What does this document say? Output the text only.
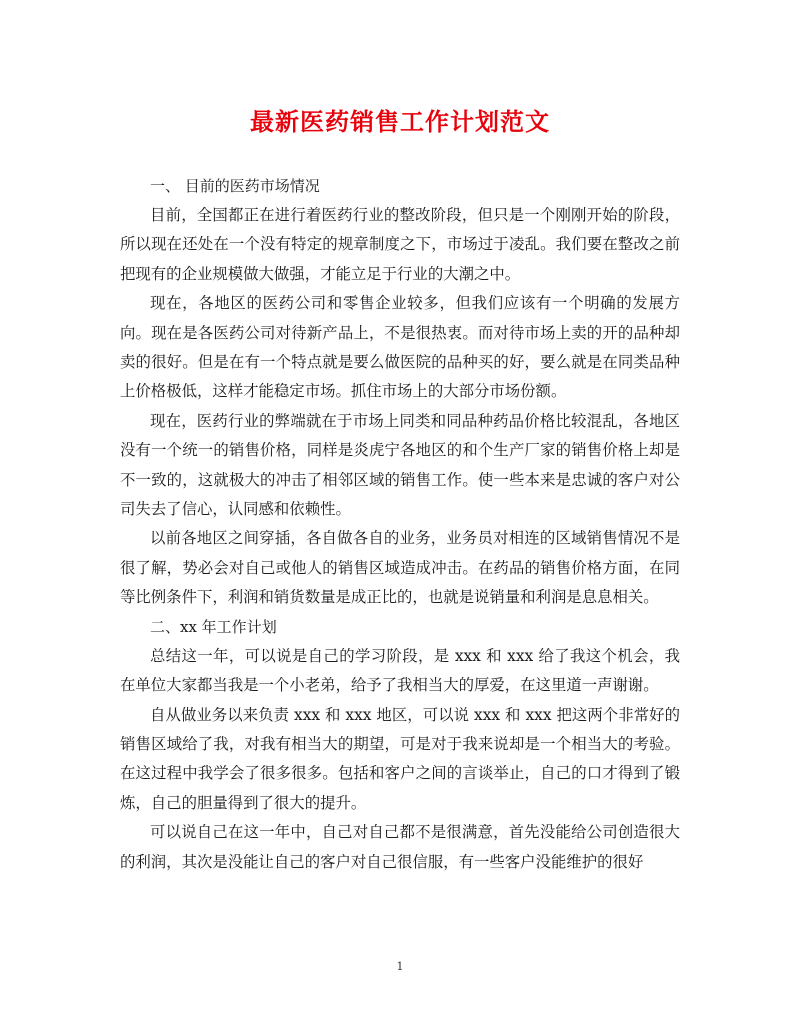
最新医药销售工作计划范文

一、 目前的医药市场情况

目前，全国都正在进行着医药行业的整改阶段，但只是一个刚刚开始的阶段，所以现在还处在一个没有特定的规章制度之下，市场过于凌乱。我们要在整改之前把现有的企业规模做大做强，才能立足于行业的大潮之中。

现在，各地区的医药公司和零售企业较多，但我们应该有一个明确的发展方向。现在是各医药公司对待新产品上，不是很热衷。而对待市场上卖的开的品种却卖的很好。但是在有一个特点就是要么做医院的品种买的好，要么就是在同类品种上价格极低，这样才能稳定市场。抓住市场上的大部分市场份额。

现在，医药行业的弊端就在于市场上同类和同品种药品价格比较混乱，各地区没有一个统一的销售价格，同样是炎虎宁各地区的和个生产厂家的销售价格上却是不一致的，这就极大的冲击了相邻区域的销售工作。使一些本来是忠诚的客户对公司失去了信心，认同感和依赖性。

以前各地区之间穿插，各自做各自的业务，业务员对相连的区域销售情况不是很了解，势必会对自己或他人的销售区域造成冲击。在药品的销售价格方面，在同等比例条件下，利润和销货数量是成正比的，也就是说销量和利润是息息相关。

二、xx 年工作计划

总结这一年，可以说是自己的学习阶段，是 xxx 和 xxx 给了我这个机会，我在单位大家都当我是一个小老弟，给予了我相当大的厚爱，在这里道一声谢谢。

自从做业务以来负责 xxx 和 xxx 地区，可以说 xxx 和 xxx 把这两个非常好的销售区域给了我，对我有相当大的期望，可是对于我来说却是一个相当大的考验。在这过程中我学会了很多很多。包括和客户之间的言谈举止，自己的口才得到了锻炼，自己的胆量得到了很大的提升。

可以说自己在这一年中，自己对自己都不是很满意，首先没能给公司创造很大的利润，其次是没能让自己的客户对自己很信服，有一些客户没能维护的很好

1
